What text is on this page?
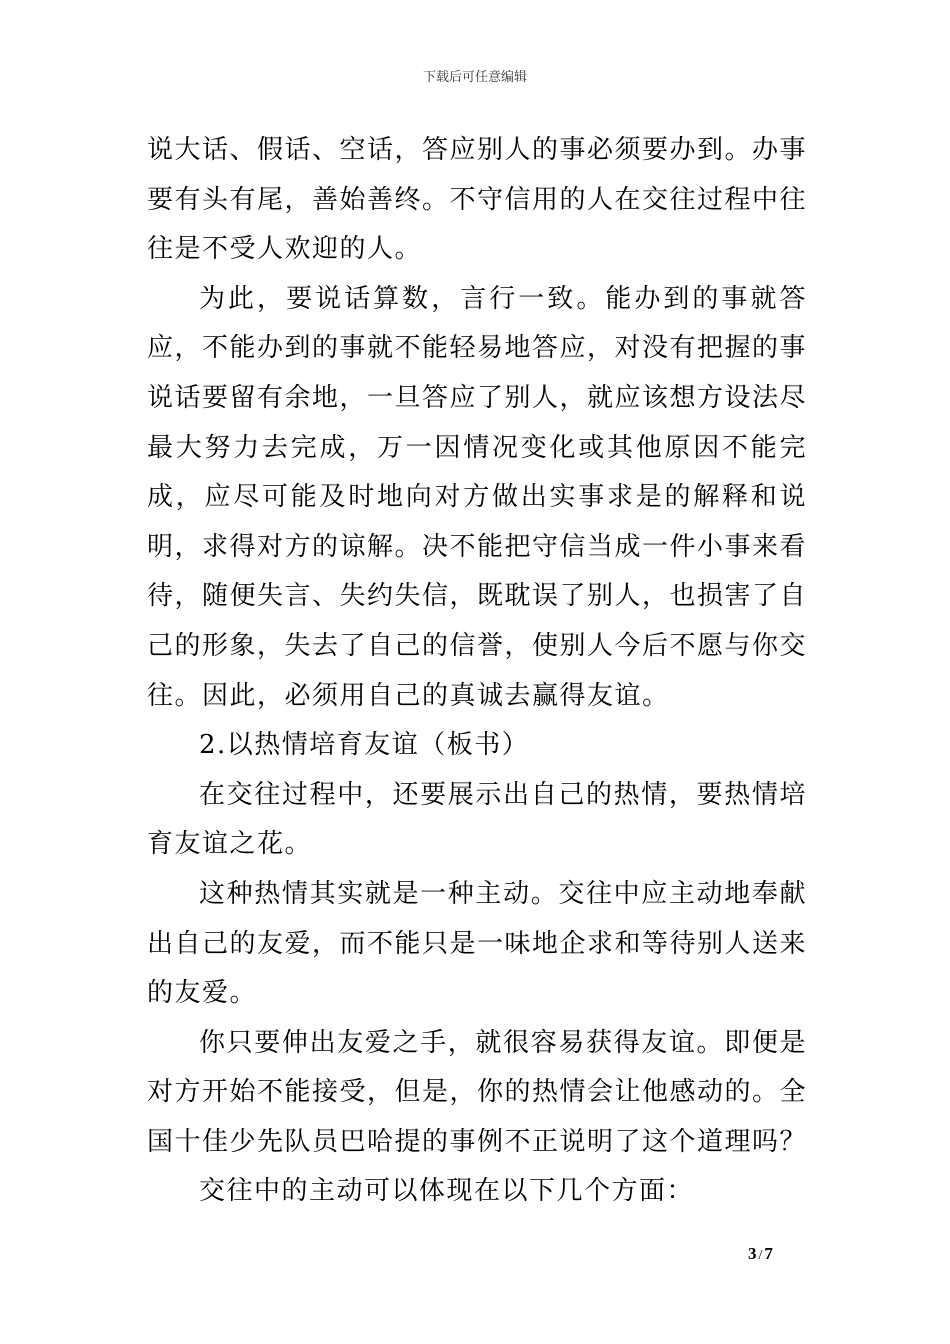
下载后可任意编辑

说大话、假话、空话，答应别人的事必须要办到。办事要有头有尾，善始善终。不守信用的人在交往过程中往往是不受人欢迎的人。

为此，要说话算数，言行一致。能办到的事就答应，不能办到的事就不能轻易地答应，对没有把握的事说话要留有余地，一旦答应了别人，就应该想方设法尽最大努力去完成，万一因情况变化或其他原因不能完成，应尽可能及时地向对方做出实事求是的解释和说明，求得对方的谅解。决不能把守信当成一件小事来看待，随便失言、失约失信，既耽误了别人，也损害了自己的形象，失去了自己的信誉，使别人今后不愿与你交往。因此，必须用自己的真诚去赢得友谊。

2.以热情培育友谊（板书）

在交往过程中，还要展示出自己的热情，要热情培育友谊之花。

这种热情其实就是一种主动。交往中应主动地奉献出自己的友爱，而不能只是一味地企求和等待别人送来的友爱。

你只要伸出友爱之手，就很容易获得友谊。即便是对方开始不能接受，但是，你的热情会让他感动的。全国十佳少先队员巴哈提的事例不正说明了这个道理吗？

交往中的主动可以体现在以下几个方面：

3 / 7
